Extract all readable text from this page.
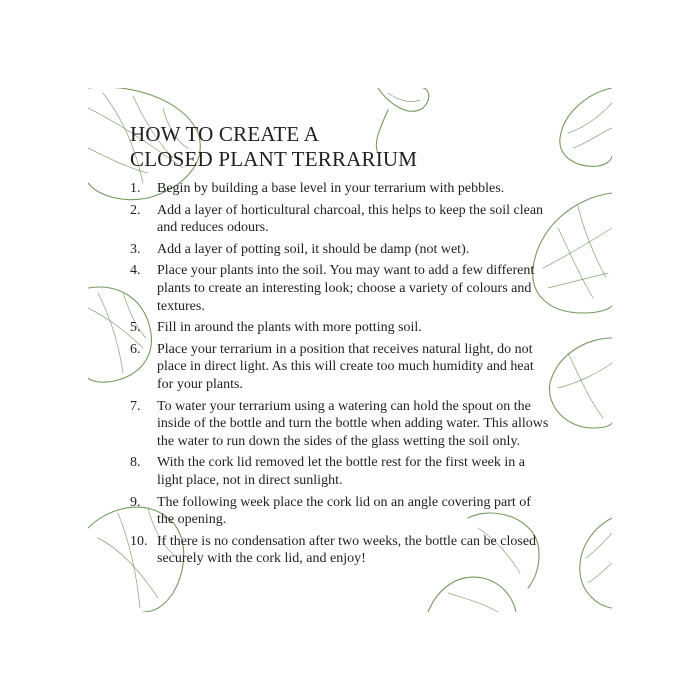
HOW TO CREATE A
CLOSED PLANT TERRARIUM
1.	Begin by building a base level in your terrarium with pebbles.
2.	Add a layer of horticultural charcoal, this helps to keep the soil clean and reduces odours.
3.	Add a layer of potting soil, it should be damp (not wet).
4.	Place your plants into the soil. You may want to add a few different plants to create an interesting look; choose a variety of colours and textures.
5.	Fill in around the plants with more potting soil.
6.	Place your terrarium in a position that receives natural light, do not place in direct light. As this will create too much humidity and heat for your plants.
7.	To water your terrarium using a watering can hold the spout on the inside of the bottle and turn the bottle when adding water. This allows the water to run down the sides of the glass wetting the soil only.
8.	With the cork lid removed let the bottle rest for the first week in a light place, not in direct sunlight.
9.	The following week place the cork lid on an angle covering part of the opening.
10. If there is no condensation after two weeks, the bottle can be closed securely with the cork lid, and enjoy!
